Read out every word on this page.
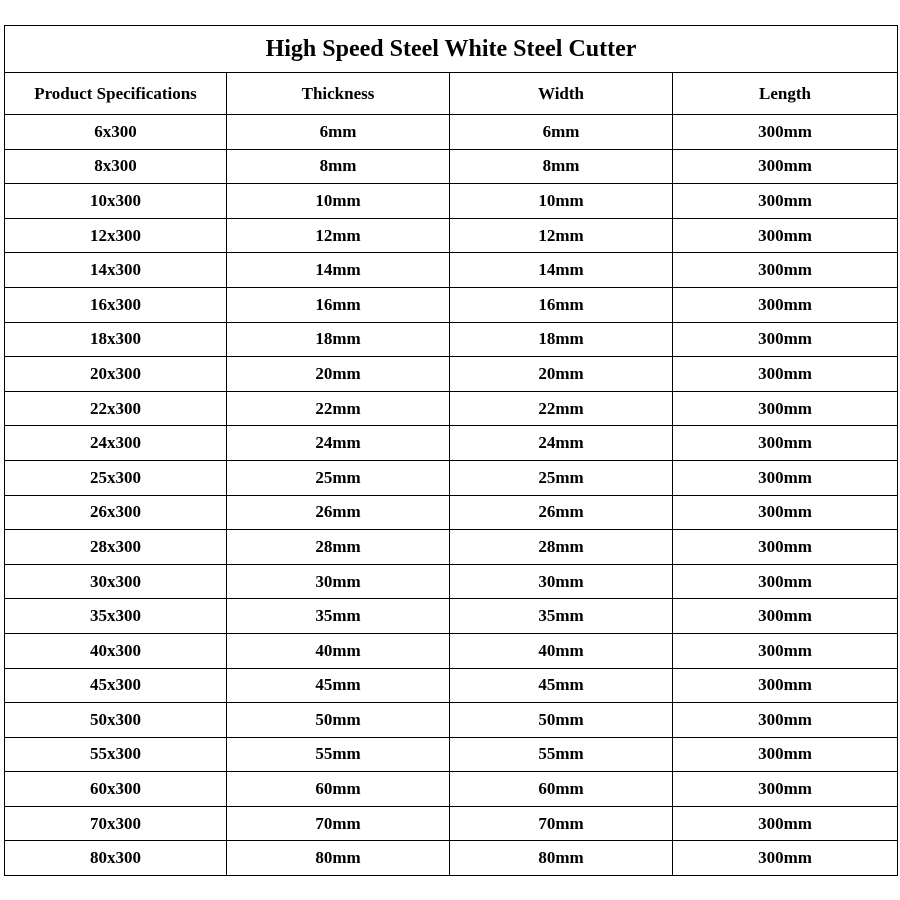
High Speed Steel White Steel Cutter			
Product Specifications	Thickness	Width	Length
6x300	6mm	6mm	300mm
8x300	8mm	8mm	300mm
10x300	10mm	10mm	300mm
12x300	12mm	12mm	300mm
14x300	14mm	14mm	300mm
16x300	16mm	16mm	300mm
18x300	18mm	18mm	300mm
20x300	20mm	20mm	300mm
22x300	22mm	22mm	300mm
24x300	24mm	24mm	300mm
25x300	25mm	25mm	300mm
26x300	26mm	26mm	300mm
28x300	28mm	28mm	300mm
30x300	30mm	30mm	300mm
35x300	35mm	35mm	300mm
40x300	40mm	40mm	300mm
45x300	45mm	45mm	300mm
50x300	50mm	50mm	300mm
55x300	55mm	55mm	300mm
60x300	60mm	60mm	300mm
70x300	70mm	70mm	300mm
80x300	80mm	80mm	300mm
